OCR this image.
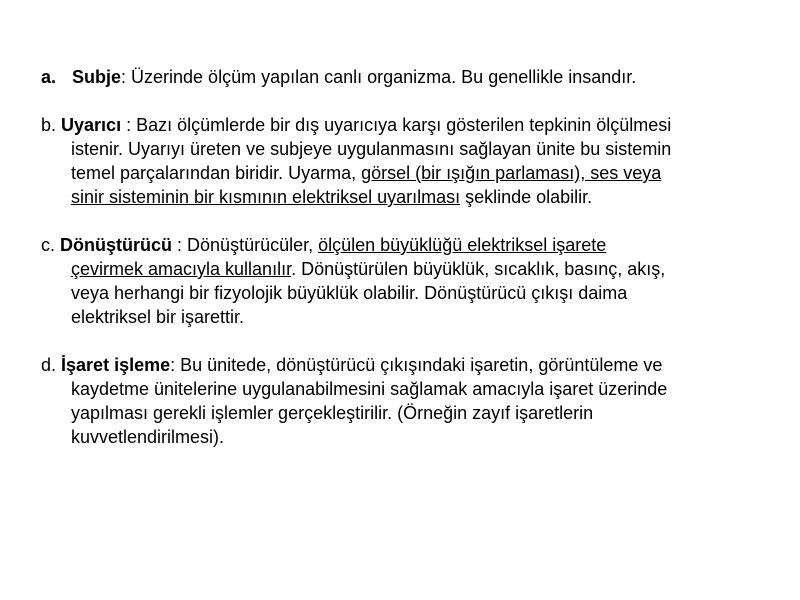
a. Subje: Üzerinde ölçüm yapılan canlı organizma. Bu genellikle insandır.
b. Uyarıcı : Bazı ölçümlerde bir dış uyarıcıya karşı gösterilen tepkinin ölçülmesi
istenir. Uyarıyı üreten ve subjeye uygulanmasını sağlayan ünite bu sistemin
temel parçalarından biridir. Uyarma, görsel (bir ışığın parlaması), ses veya
sinir sisteminin bir kısmının elektriksel uyarılması şeklinde olabilir.
c. Dönüştürücü : Dönüştürücüler, ölçülen büyüklüğü elektriksel işarete
çevirmek amacıyla kullanılır. Dönüştürülen büyüklük, sıcaklık, basınç, akış,
veya herhangi bir fizyolojik büyüklük olabilir. Dönüştürücü çıkışı daima
elektriksel bir işarettir.
d. İşaret işleme: Bu ünitede, dönüştürücü çıkışındaki işaretin, görüntüleme ve
kaydetme ünitelerine uygulanabilmesini sağlamak amacıyla işaret üzerinde
yapılması gerekli işlemler gerçekleştirilir. (Örneğin zayıf işaretlerin
kuvvetlendirilmesi).
